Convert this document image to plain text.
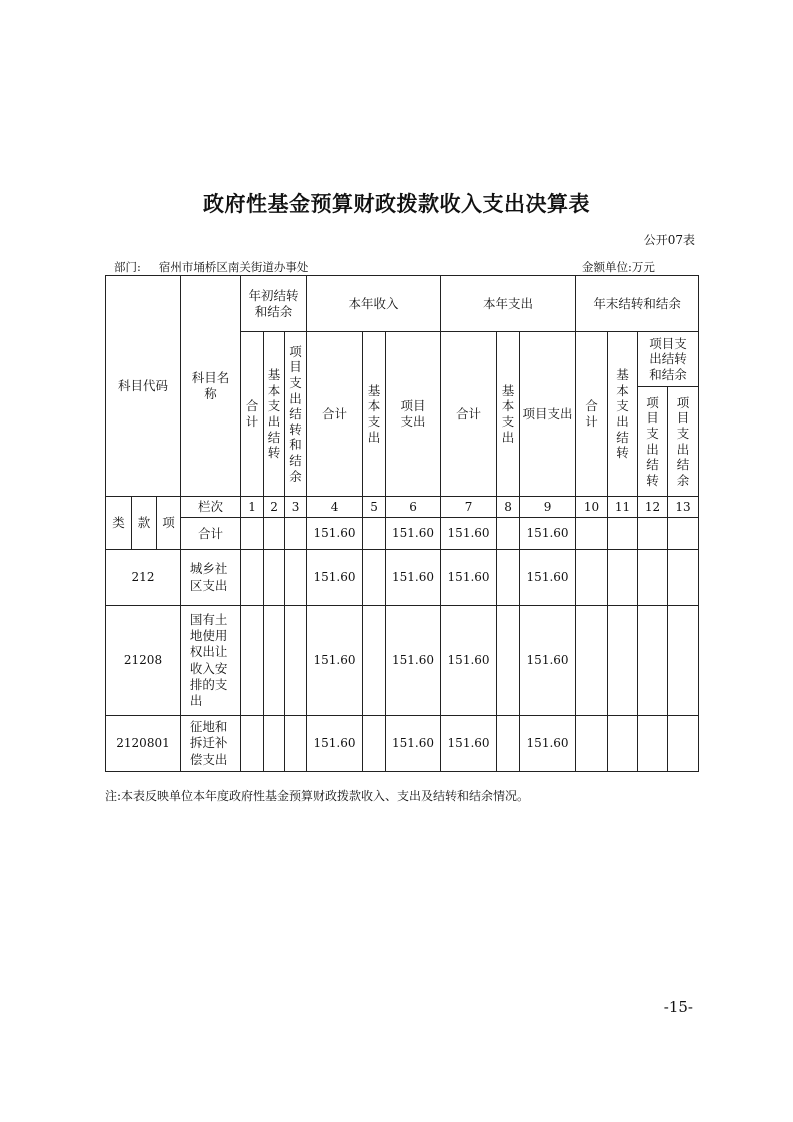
政府性基金预算财政拨款收入支出决算表
公开07表
部门: 宿州市埇桥区南关街道办事处	金额单位:万元
科目代码			科目名称	年初结转和结余			本年收入			本年支出			年末结转和结余			
				合计	基本支出结转	项目支出结转和结余	合计	基本支出	项目支出	合计	基本支出	项目支出	合计	基本支出结转	项目支出结转和结余	
															项目支出结转	项目支出结余
类	款	项	栏次	1	2	3	4	5	6	7	8	9	10	11	12	13
			合计				151.60		151.60	151.60		151.60				
212			城乡社区支出				151.60		151.60	151.60		151.60				
21208			国有土地使用权出让收入安排的支出				151.60		151.60	151.60		151.60				
2120801			征地和拆迁补偿支出				151.60		151.60	151.60		151.60				
注:本表反映单位本年度政府性基金预算财政拨款收入、支出及结转和结余情况。
-15-
